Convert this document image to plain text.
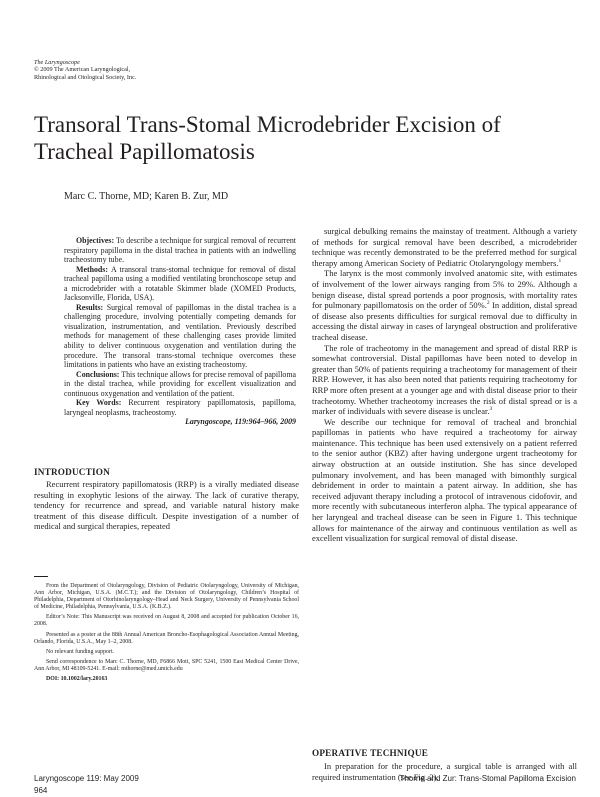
The Laryngoscope
© 2009 The American Laryngological,
Rhinological and Otological Society, Inc.
Transoral Trans-Stomal Microdebrider Excision of Tracheal Papillomatosis
Marc C. Thorne, MD; Karen B. Zur, MD

Objectives: To describe a technique for surgical removal of recurrent respiratory papilloma in the distal trachea in patients with an indwelling tracheostomy tube.

Methods: A transoral trans-stomal technique for removal of distal tracheal papilloma using a modified ventilating bronchoscope setup and a microdebrider with a rotatable Skimmer blade (XOMED Products, Jacksonville, Florida, USA).

Results: Surgical removal of papillomas in the distal trachea is a challenging procedure, involving potentially competing demands for visualization, instrumentation, and ventilation. Previously described methods for management of these challenging cases provide limited ability to deliver continuous oxygenation and ventilation during the procedure. The transoral trans-stomal technique overcomes these limitations in patients who have an existing tracheostomy.

Conclusions: This technique allows for precise removal of papilloma in the distal trachea, while providing for excellent visualization and continuous oxygenation and ventilation of the patient.

Key Words: Recurrent respiratory papillomatosis, papilloma, laryngeal neoplasms, tracheostomy.
Laryngoscope, 119:964–966, 2009

INTRODUCTION

Recurrent respiratory papillomatosis (RRP) is a virally mediated disease resulting in exophytic lesions of the airway. The lack of curative therapy, tendency for recurrence and spread, and variable natural history make treatment of this disease difficult. Despite investigation of a number of medical and surgical therapies, repeated

From the Department of Otolaryngology, Division of Pediatric Otolaryngology, University of Michigan, Ann Arbor, Michigan, U.S.A. (M.C.T.); and the Division of Otolaryngology, Children’s Hospital of Philadelphia, Department of Otorhinolaryngology–Head and Neck Surgery, University of Pennsylvania School of Medicine, Philadelphia, Pennsylvania, U.S.A. (K.B.Z.).

Editor’s Note: This Manuscript was received on August 8, 2008 and accepted for publication October 16, 2008.

Presented as a poster at the 88th Annual American Broncho-Esophagological Association Annual Meeting, Orlando, Florida, U.S.A., May 1–2, 2008.

No relevant funding support.

Send correspondence to Marc C. Thorne, MD, F6866 Mott, SPC 5241, 1500 East Medical Center Drive, Ann Arbor, MI 48109-5241. E-mail: mthorne@med.umich.edu

DOI: 10.1002/lary.20163

surgical debulking remains the mainstay of treatment. Although a variety of methods for surgical removal have been described, a microdebrider technique was recently demonstrated to be the preferred method for surgical therapy among American Society of Pediatric Otolaryngology members.$^1$

The larynx is the most commonly involved anatomic site, with estimates of involvement of the lower airways ranging from 5% to 29%. Although a benign disease, distal spread portends a poor prognosis, with mortality rates for pulmonary papillomatosis on the order of 50%.$^2$ In addition, distal spread of disease also presents difficulties for surgical removal due to difficulty in accessing the distal airway in cases of laryngeal obstruction and proliferative tracheal disease.

The role of tracheotomy in the management and spread of distal RRP is somewhat controversial. Distal papillomas have been noted to develop in greater than 50% of patients requiring a tracheotomy for management of their RRP. However, it has also been noted that patients requiring tracheotomy for RRP more often present at a younger age and with distal disease prior to their tracheotomy. Whether tracheotomy increases the risk of distal spread or is a marker of individuals with severe disease is unclear.$^3$

We describe our technique for removal of tracheal and bronchial papillomas in patients who have required a tracheotomy for airway maintenance. This technique has been used extensively on a patient referred to the senior author (KBZ) after having undergone urgent tracheotomy for airway obstruction at an outside institution. She has since developed pulmonary involvement, and has been managed with bimonthly surgical debridement in order to maintain a patent airway. In addition, she has received adjuvant therapy including a protocol of intravenous cidofovir, and more recently with subcutaneous interferon alpha. The typical appearance of her laryngeal and tracheal disease can be seen in Figure 1. This technique allows for maintenance of the airway and continuous ventilation as well as excellent visualization for surgical removal of distal disease.

OPERATIVE TECHNIQUE

In preparation for the procedure, a surgical table is arranged with all required instrumentation (see Fig. 2).

Laryngoscope 119: May 2009	Thorne and Zur: Trans-Stomal Papilloma Excision
964
